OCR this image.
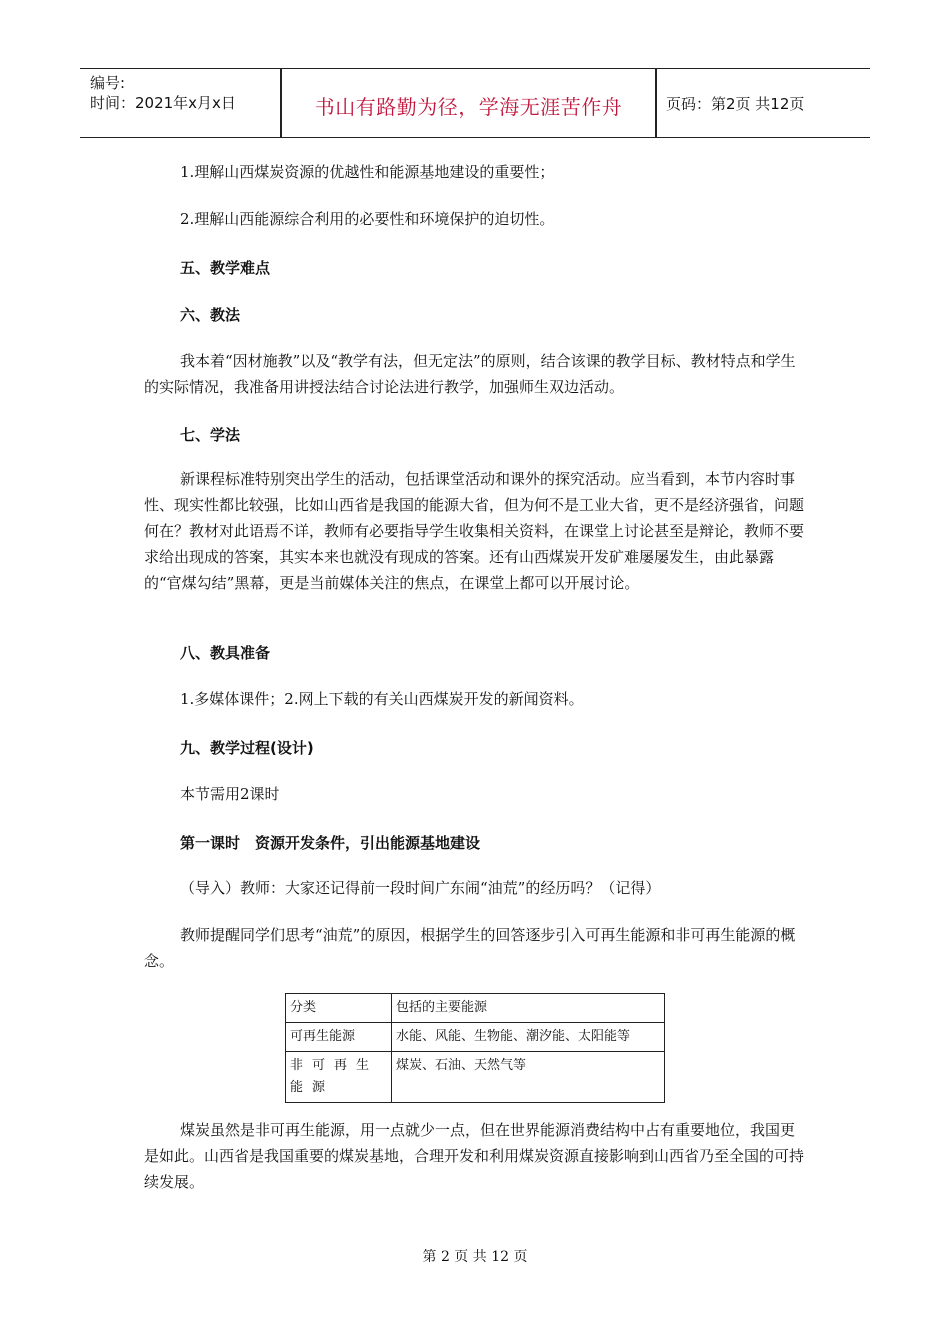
编号:
时间：2021年x月x日	书山有路勤为径，学海无涯苦作舟	页码：第2页 共12页
1.理解山西煤炭资源的优越性和能源基地建设的重要性；
2.理解山西能源综合利用的必要性和环境保护的迫切性。
五、教学难点
六、教法
我本着“因材施教”以及“教学有法，但无定法”的原则，结合该课的教学目标、教材特点和学生的实际情况，我准备用讲授法结合讨论法进行教学，加强师生双边活动。
七、学法
新课程标准特别突出学生的活动，包括课堂活动和课外的探究活动。应当看到，本节内容时事性、现实性都比较强，比如山西省是我国的能源大省，但为何不是工业大省，更不是经济强省，问题何在？教材对此语焉不详，教师有必要指导学生收集相关资料，在课堂上讨论甚至是辩论，教师不要求给出现成的答案，其实本来也就没有现成的答案。还有山西煤炭开发矿难屡屡发生，由此暴露的“官煤勾结”黑幕，更是当前媒体关注的焦点，在课堂上都可以开展讨论。
八、教具准备
1.多媒体课件；2.网上下载的有关山西煤炭开发的新闻资料。
九、教学过程(设计)
本节需用2课时
第一课时　资源开发条件，引出能源基地建设
（导入）教师：大家还记得前一段时间广东闹“油荒”的经历吗？（记得）
教师提醒同学们思考“油荒”的原因，根据学生的回答逐步引入可再生能源和非可再生能源的概念。
分类	包括的主要能源
可再生能源	水能、风能、生物能、潮汐能、太阳能等
非可再生能源	煤炭、石油、天然气等
煤炭虽然是非可再生能源，用一点就少一点，但在世界能源消费结构中占有重要地位，我国更是如此。山西省是我国重要的煤炭基地，合理开发和利用煤炭资源直接影响到山西省乃至全国的可持续发展。
第 2 页 共 12 页
